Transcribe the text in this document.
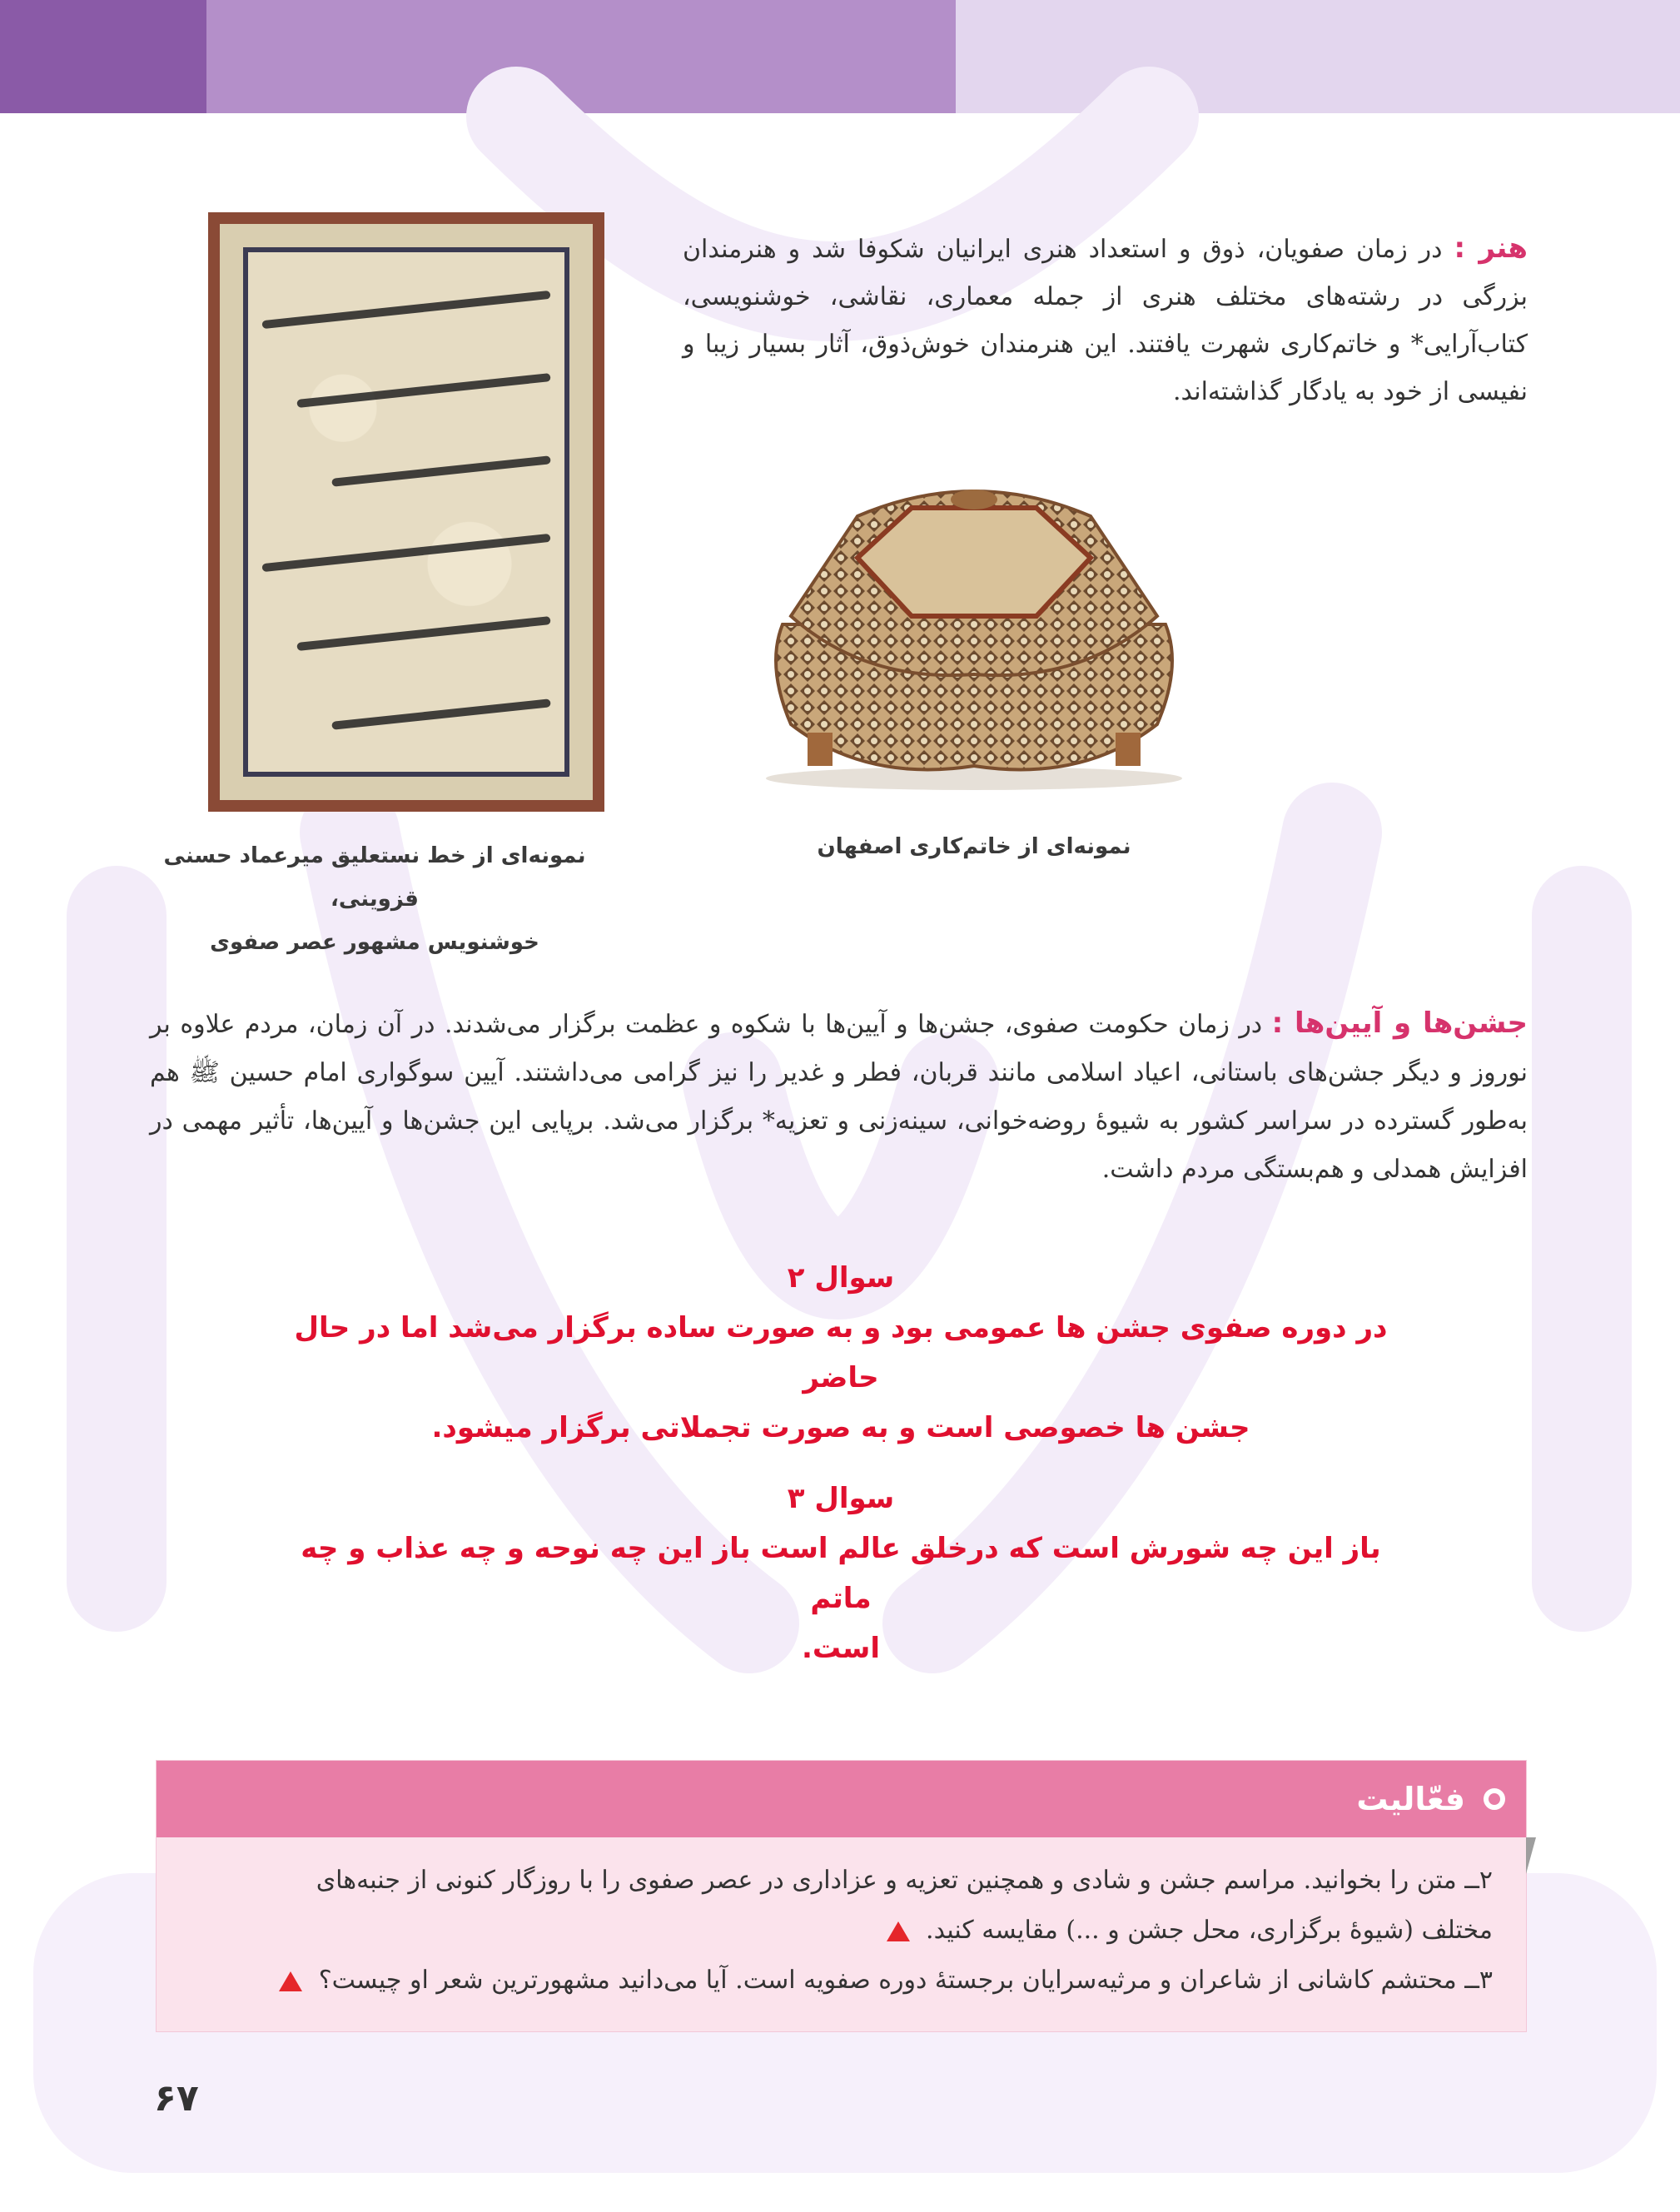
هنر : در زمان صفویان، ذوق و استعداد هنری ایرانیان شکوفا شد و هنرمندان بزرگی در رشته‌های مختلف هنری از جمله معماری، نقاشی، خوشنویسی، کتاب‌آرایی* و خاتم‌کاری شهرت یافتند. این هنرمندان خوش‌ذوق، آثار بسیار زیبا و نفیسی از خود به یادگار گذاشته‌اند.

نمونه‌ای از خاتم‌کاری اصفهان
نمونه‌ای از خط نستعلیق میرعماد حسنی قزوینی،
خوشنویس مشهور عصر صفوی

جشن‌ها و آیین‌ها : در زمان حکومت صفوی، جشن‌ها و آیین‌ها با شکوه و عظمت برگزار می‌شدند. در آن زمان، مردم علاوه بر نوروز و دیگر جشن‌های باستانی، اعیاد اسلامی مانند قربان، فطر و غدیر را نیز گرامی می‌داشتند. آیین سوگواری امام حسین ﷺ هم به‌طور گسترده در سراسر کشور به شیوهٔ روضه‌خوانی، سینه‌زنی و تعزیه* برگزار می‌شد. برپایی این جشن‌ها و آیین‌ها، تأثیر مهمی در افزایش همدلی و هم‌بستگی مردم داشت.

سوال ۲
در دوره صفوی جشن ها عمومی بود و به صورت ساده برگزار می‌شد اما در حال حاضر
جشن ها خصوصی است و به صورت تجملاتی برگزار میشود.
سوال ۳
باز این چه شورش است که درخلق عالم است باز این چه نوحه و چه عذاب و چه ماتم
است.
فعّالیت
۲ــ متن را بخوانید. مراسم جشن و شادی و همچنین تعزیه و عزاداری در عصر صفوی را با روزگار کنونی از جنبه‌های
مختلف (شیوهٔ برگزاری، محل جشن و ...) مقایسه کنید.
۳ــ محتشم کاشانی از شاعران و مرثیه‌سرایان برجستهٔ دوره صفویه است. آیا می‌دانید مشهورترین شعر او چیست؟
۶۷
